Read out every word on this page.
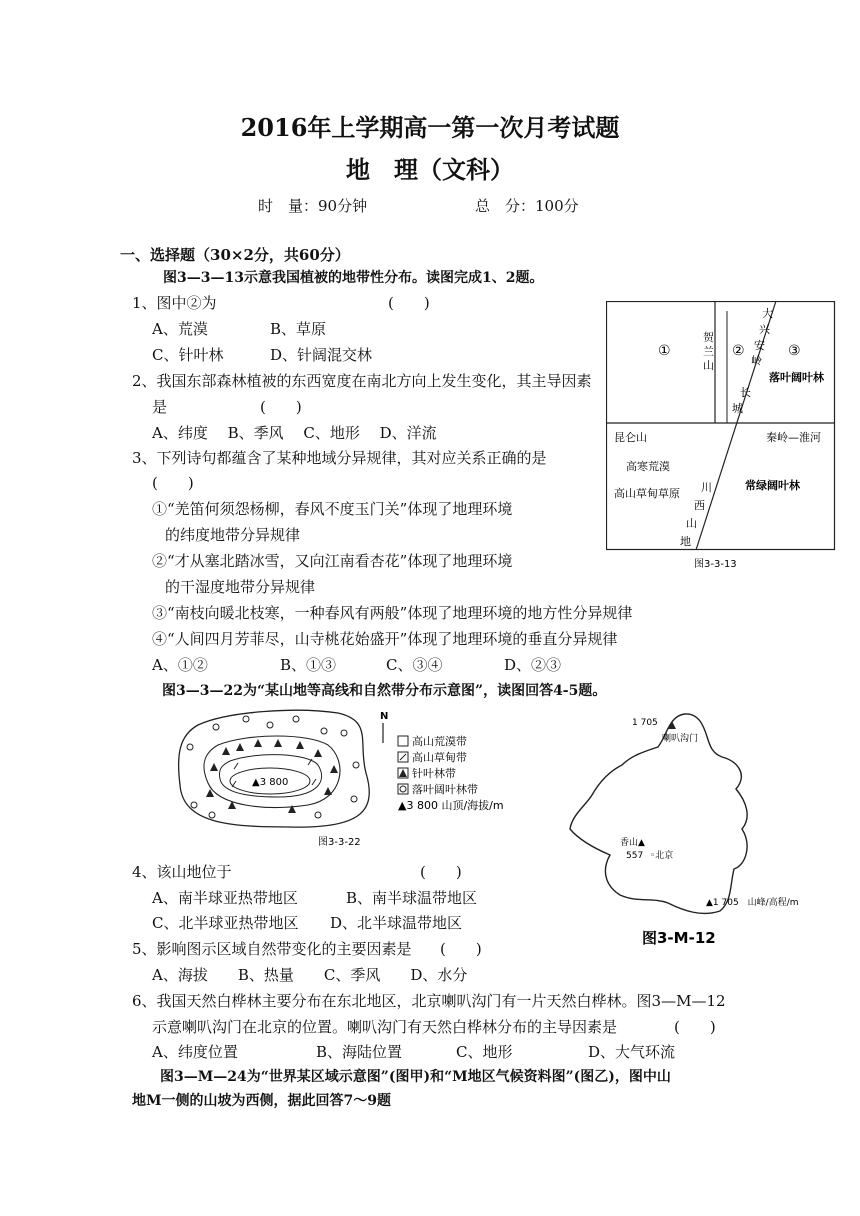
2016年上学期高一第一次月考试题
地　理（文科）
时　量：90分钟	总　分：100分
一、选择题（30×2分，共60分）
图3—3—13示意我国植被的地带性分布。读图完成1、2题。
1、图中②为	(　　)
A、荒漠	B、草原
C、针叶林	D、针阔混交林
2、我国东部森林植被的东西宽度在南北方向上发生变化，其主导因素
是	(　　)
A、纬度　 B、季风　 C、地形　 D、洋流
3、下列诗句都蕴含了某种地域分异规律，其对应关系正确的是
(　　)
①“羌笛何须怨杨柳，春风不度玉门关”体现了地理环境
的纬度地带分异规律
②“才从塞北踏冰雪，又向江南看杏花”体现了地理环境
的干湿度地带分异规律
③“南枝向暖北枝寒，一种春风有两般”体现了地理环境的地方性分异规律
④“人间四月芳菲尽，山寺桃花始盛开”体现了地理环境的垂直分异规律
A、①②	B、①③	C、③④	D、②③
图3—3—22为“某山地等高线和自然带分布示意图”，读图回答4-5题。
①	②	③
贺
兰
山
大
兴
安
岭
长
城
落叶阔叶林
昆仑山	秦岭—淮河
高寒荒漠
高山草甸草原 川
西
山
地
常绿阔叶林
图3-3-13
▲3 800
N
高山荒漠带
高山草甸带
针叶林带
落叶阔叶林带
▲3 800 山顶/海拔/m
图3-3-22
1 705
喇叭沟门
香山▲
557 ◦北京
▲1 705　山峰/高程/m
图3-M-12
4、该山地位于	(　　)
A、南半球亚热带地区	B、南半球温带地区
C、北半球亚热带地区 D、北半球温带地区
5、影响图示区域自然带变化的主要因素是 (　　)
A、海拔　　B、热量　　C、季风　　D、水分
6、我国天然白桦林主要分布在东北地区，北京喇叭沟门有一片天然白桦林。图3—M—12
示意喇叭沟门在北京的位置。喇叭沟门有天然白桦林分布的主导因素是	(　　)
A、纬度位置	B、海陆位置	C、地形	D、大气环流
图3—M—24为“世界某区域示意图”(图甲)和“M地区气候资料图”(图乙)，图中山
地M一侧的山坡为西侧，据此回答7～9题
